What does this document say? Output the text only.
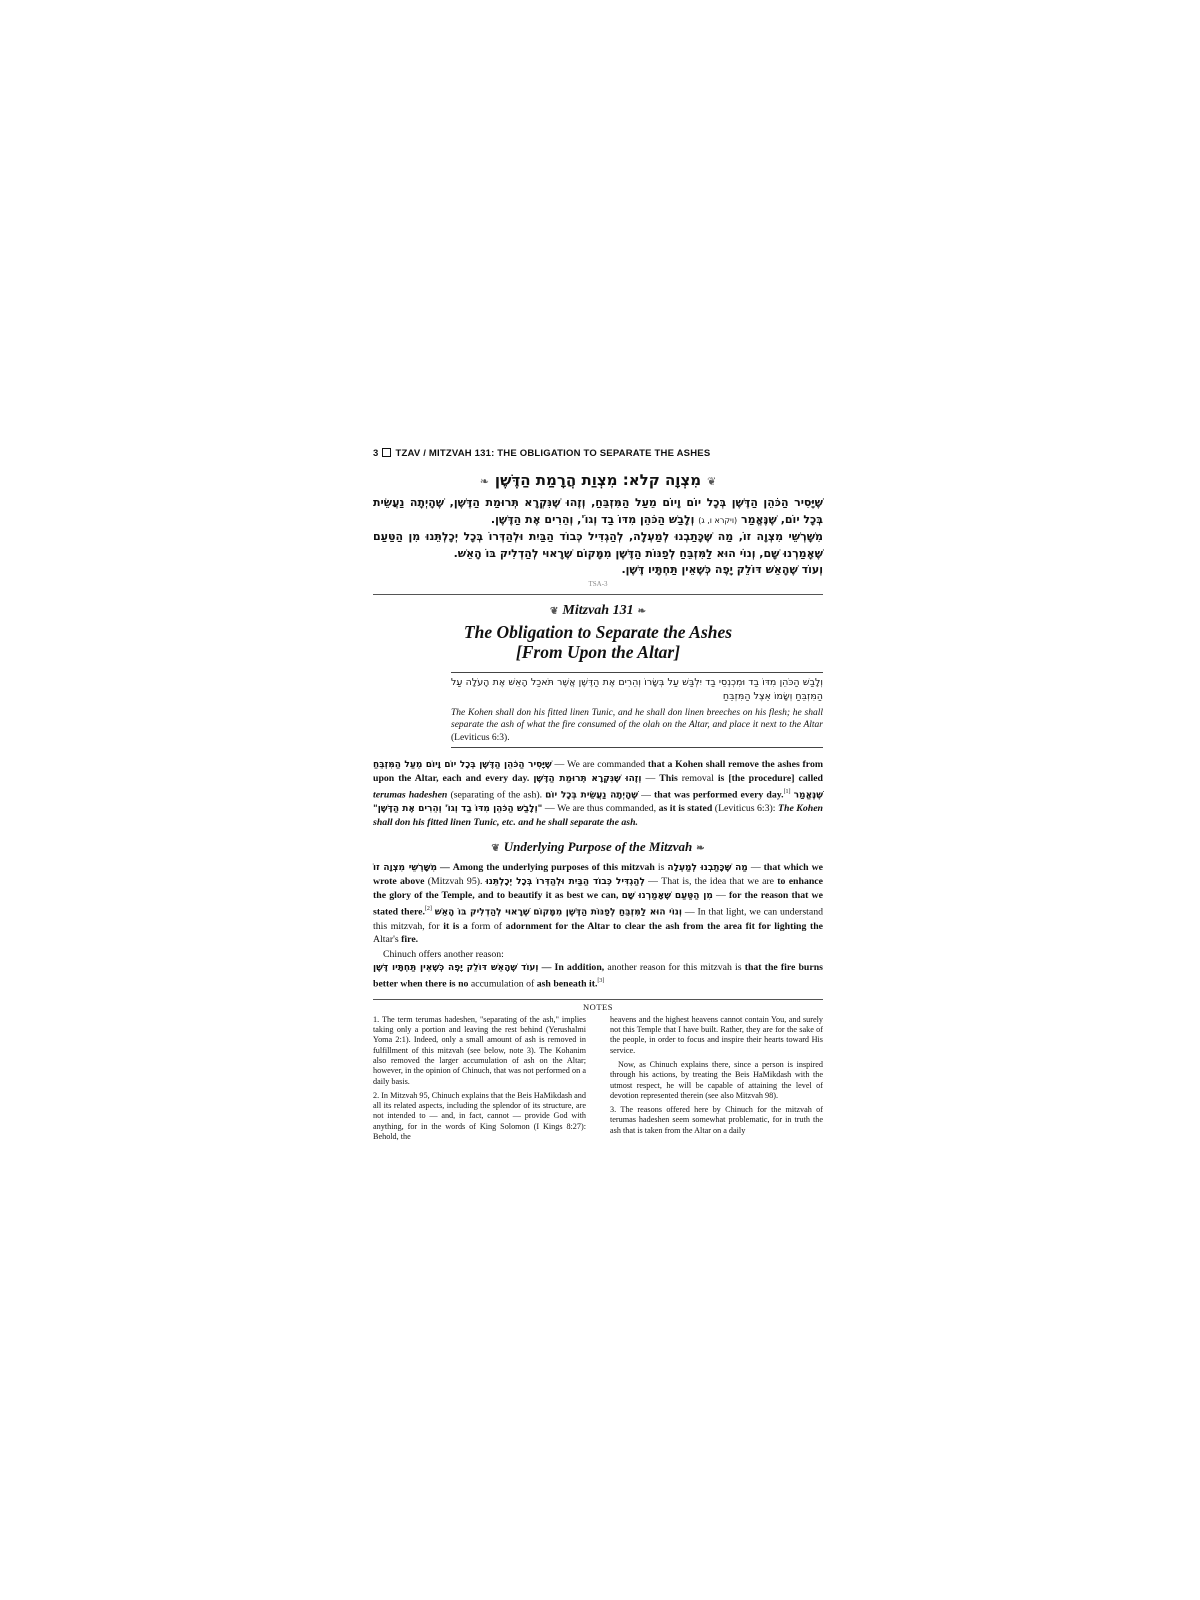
3 TZAV / MITZVAH 131: THE OBLIGATION TO SEPARATE THE ASHES
❦מִצְוָה קלא: מִצְוַת הֲרָמַת הַדֶּשֶׁן❧

שֶׁיָּסִיר הַכֹּהֵן הַדֶּשֶׁן בְּכָל יוֹם וָיוֹם מֵעַל הַמִּזְבֵּחַ, וְזֶהוּ שֶׁנִּקְרָא תְּרוּמַת הַדֶּשֶׁן, שֶׁהָיְתָה נַעֲשֵׂית בְּכָל יוֹם, שֶׁנֶּאֱמַר (ויקרא ו, ג) וְלָבַשׁ הַכֹּהֵן מִדּוֹ בַד וְגוֹ', וְהֵרִים אֶת הַדֶּשֶׁן.

מִשָּׁרְשֵׁי מִצְוָה זוֹ, מַה שֶּׁכָּתַבְנוּ לְמַעְלָה, לְהַגְדִּיל כְּבוֹד הַבַּיִת וּלְהַדְּרוֹ בְּכָל יְכָלְתֵּנוּ מִן הַטַּעַם שֶׁאָמַרְנוּ שָׁם, וְנוֹי הוּא לַמִּזְבֵּחַ לְפַנּוֹת הַדֶּשֶׁן מִמָּקוֹם שֶׁרָאוּי לְהַדְלִיק בּוֹ הָאֵשׁ.

וְעוֹד שֶׁהָאֵשׁ דּוֹלֵק יָפֶה כְּשֶׁאֵין תַּחְתָּיו דֶּשֶׁן.

TSA-3
❦ Mitzvah 131 ❧
The Obligation to Separate the Ashes
[From Upon the Altar]

וְלָבַשׁ הַכֹּהֵן מִדּוֹ בַד וּמִכְנְסֵי בַד יִלְבַּשׁ עַל בְּשָׂרוֹ וְהֵרִים אֶת הַדֶּשֶׁן אֲשֶׁר תֹּאכַל הָאֵשׁ אֶת הָעֹלָה עַל הַמִּזְבֵּחַ וְשָׂמוֹ אֵצֶל הַמִּזְבֵּחַ

The Kohen shall don his fitted linen Tunic, and he shall don linen breeches on his flesh; he shall separate the ash of what the fire consumed of the olah on the Altar, and place it next to the Altar (Leviticus 6:3).

שֶׁיָּסִיר הַכֹּהֵן הַדֶּשֶׁן בְּכָל יוֹם וָיוֹם מֵעַל הַמִּזְבֵּחַ — We are commanded that a Kohen shall remove the ashes from upon the Altar, each and every day. וְזֶהוּ שֶׁנִּקְרָא תְּרוּמַת הַדֶּשֶׁן — This removal is [the procedure] called terumas hadeshen (separating of the ash). שֶׁהָיְתָה נַעֲשֵׂית בְּכָל יוֹם — that was performed every day.[1] שֶׁנֶּאֱמַר "וְלָבַשׁ הַכֹּהֵן מִדּוֹ בַד וְגוֹ' וְהֵרִים אֶת הַדֶּשֶׁן" — We are thus commanded, as it is stated (Leviticus 6:3): The Kohen shall don his fitted linen Tunic, etc. and he shall separate the ash.

❦ Underlying Purpose of the Mitzvah ❧

מִשָּׁרְשֵׁי מִצְוָה זוֹ — Among the underlying purposes of this mitzvah is מַה שֶּׁכָּתַבְנוּ לְמַעְלָה — that which we wrote above (Mitzvah 95). לְהַגְדִּיל כְּבוֹד הַבַּיִת וּלְהַדְּרוֹ בְּכָל יְכָלְתֵּנוּ — That is, the idea that we are to enhance the glory of the Temple, and to beautify it as best we can, מִן הַטַּעַם שֶׁאָמַרְנוּ שָׁם — for the reason that we stated there.[2] וְנוֹי הוּא לַמִּזְבֵּחַ לְפַנּוֹת הַדֶּשֶׁן מִמָּקוֹם שֶׁרָאוּי לְהַדְלִיק בּוֹ הָאֵשׁ — In that light, we can understand this mitzvah, for it is a form of adornment for the Altar to clear the ash from the area fit for lighting the Altar's fire.

Chinuch offers another reason:

וְעוֹד שֶׁהָאֵשׁ דּוֹלֵק יָפֶה כְּשֶׁאֵין תַּחְתָּיו דֶּשֶׁן — In addition, another reason for this mitzvah is that the fire burns better when there is no accumulation of ash beneath it.[3]

NOTES

1. The term terumas hadeshen, "separating of the ash," implies taking only a portion and leaving the rest behind (Yerushalmi Yoma 2:1). Indeed, only a small amount of ash is removed in fulfillment of this mitzvah (see below, note 3). The Kohanim also removed the larger accumulation of ash on the Altar; however, in the opinion of Chinuch, that was not performed on a daily basis.

2. In Mitzvah 95, Chinuch explains that the Beis HaMikdash and all its related aspects, including the splendor of its structure, are not intended to — and, in fact, cannot — provide God with anything, for in the words of King Solomon (I Kings 8:27): Behold, the

heavens and the highest heavens cannot contain You, and surely not this Temple that I have built. Rather, they are for the sake of the people, in order to focus and inspire their hearts toward His service.

Now, as Chinuch explains there, since a person is inspired through his actions, by treating the Beis HaMikdash with the utmost respect, he will be capable of attaining the level of devotion represented therein (see also Mitzvah 98).

3. The reasons offered here by Chinuch for the mitzvah of terumas hadeshen seem somewhat problematic, for in truth the ash that is taken from the Altar on a daily
